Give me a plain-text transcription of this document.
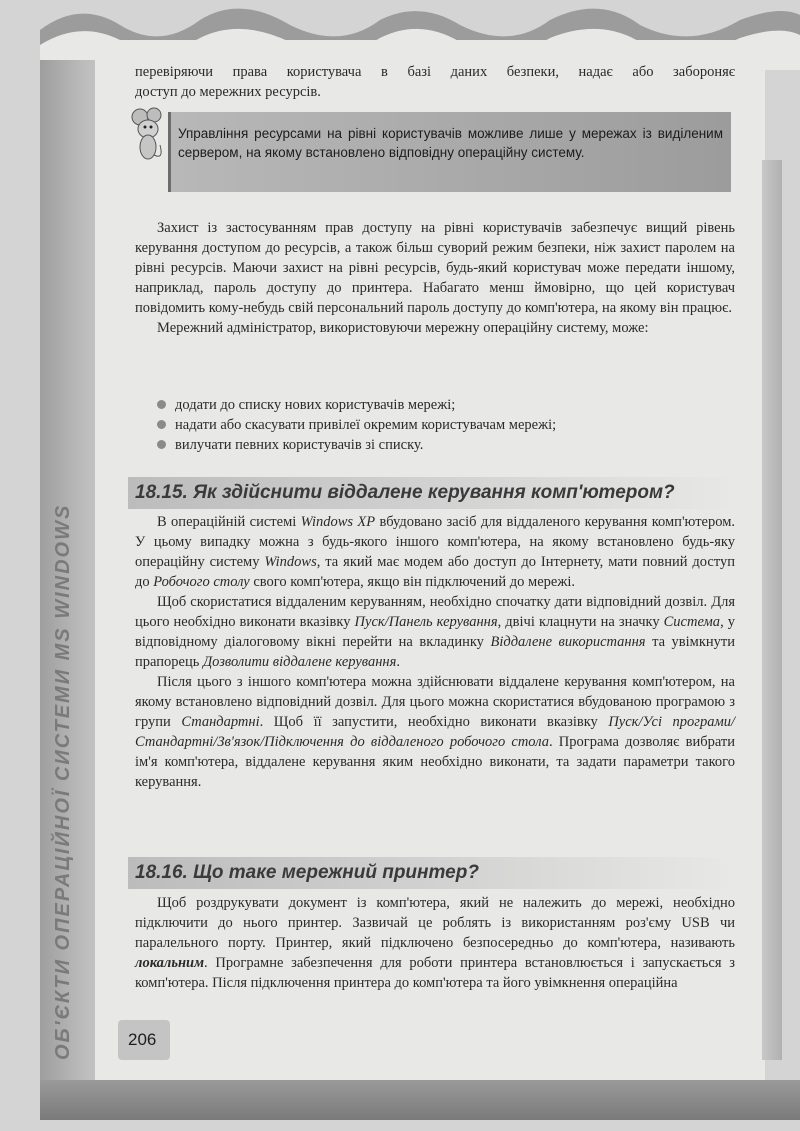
ОБ'ЄКТИ ОПЕРАЦІЙНОЇ СИСТЕМИ MS WINDOWS

перевіряючи права користувача в базі даних безпеки, надає або забороняє

доступ до мережних ресурсів.

Управління ресурсами на рівні користувачів можливе лише у мережах із виділеним сервером, на якому встановлено відповідну операційну систему.

Захист із застосуванням прав доступу на рівні користувачів забезпечує вищий рівень керування доступом до ресурсів, а також більш суворий режим безпеки, ніж захист паролем на рівні ресурсів. Маючи захист на рівні ресурсів, будь-який користувач може передати іншому, наприклад, пароль доступу до принтера. Набагато менш ймовірно, що цей користувач повідомить кому-небудь свій персональний пароль доступу до комп'ютера, на якому він працює.

Мережний адміністратор, використовуючи мережну операційну систему, може:

додати до списку нових користувачів мережі;
надати або скасувати привілеї окремим користувачам мережі;
вилучати певних користувачів зі списку.
18.15. Як здійснити віддалене керування комп'ютером?

В операційній системі Windows XP вбудовано засіб для віддаленого керування комп'ютером. У цьому випадку можна з будь-якого іншого комп'ютера, на якому встановлено будь-яку операційну систему Windows, та який має модем або доступ до Інтернету, мати повний доступ до Робочого столу свого комп'ютера, якщо він підключений до мережі.

Щоб скористатися віддаленим керуванням, необхідно спочатку дати відповідний дозвіл. Для цього необхідно виконати вказівку Пуск/Панель керування, двічі клацнути на значку Система, у відповідному діалоговому вікні перейти на вкладинку Віддалене використання та увімкнути прапорець Дозволити віддалене керування.

Після цього з іншого комп'ютера можна здійснювати віддалене керування комп'ютером, на якому встановлено відповідний дозвіл. Для цього можна скористатися вбудованою програмою з групи Стандартні. Щоб її запустити, необхідно виконати вказівку Пуск/Усі програми/Стандартні/Зв'язок/Підключення до віддаленого робочого стола. Програма дозволяє вибрати ім'я комп'ютера, віддалене керування яким необхідно виконати, та задати параметри такого керування.

18.16. Що таке мережний принтер?

Щоб роздрукувати документ із комп'ютера, який не належить до мережі, необхідно підключити до нього принтер. Зазвичай це роблять із використанням роз'єму USB чи паралельного порту. Принтер, який підключено безпосередньо до комп'ютера, називають локальним. Програмне забезпечення для роботи принтера встановлюється і запускається з комп'ютера. Після підключення принтера до комп'ютера та його увімкнення операційна

206
